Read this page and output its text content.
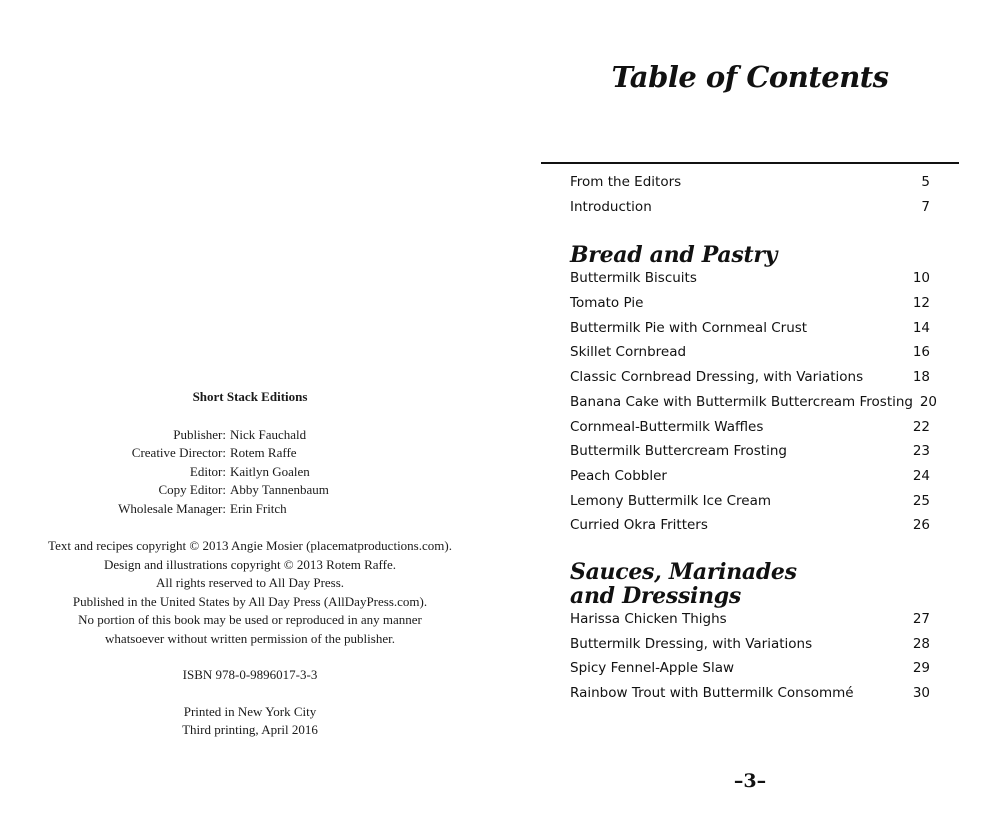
Short Stack Editions
Publisher: Nick Fauchald
Creative Director: Rotem Raffe
Editor: Kaitlyn Goalen
Copy Editor: Abby Tannenbaum
Wholesale Manager: Erin Fritch
Text and recipes copyright © 2013 Angie Mosier (placematproductions.com).
Design and illustrations copyright © 2013 Rotem Raffe.
All rights reserved to All Day Press.
Published in the United States by All Day Press (AllDayPress.com).
No portion of this book may be used or reproduced in any manner
whatsoever without written permission of the publisher.
ISBN 978-0-9896017-3-3
Printed in New York City
Third printing, April 2016
Table of Contents
From the Editors	5
Introduction	7
Bread and Pastry
Buttermilk Biscuits	10
Tomato Pie	12
Buttermilk Pie with Cornmeal Crust	14
Skillet Cornbread	16
Classic Cornbread Dressing, with Variations	18
Banana Cake with Buttermilk Buttercream Frosting 20
Cornmeal-Buttermilk Waffles	22
Buttermilk Buttercream Frosting	23
Peach Cobbler	24
Lemony Buttermilk Ice Cream	25
Curried Okra Fritters	26
Sauces, Marinades
and Dressings
Harissa Chicken Thighs	27
Buttermilk Dressing, with Variations	28
Spicy Fennel-Apple Slaw	29
Rainbow Trout with Buttermilk Consommé	30
–3–
